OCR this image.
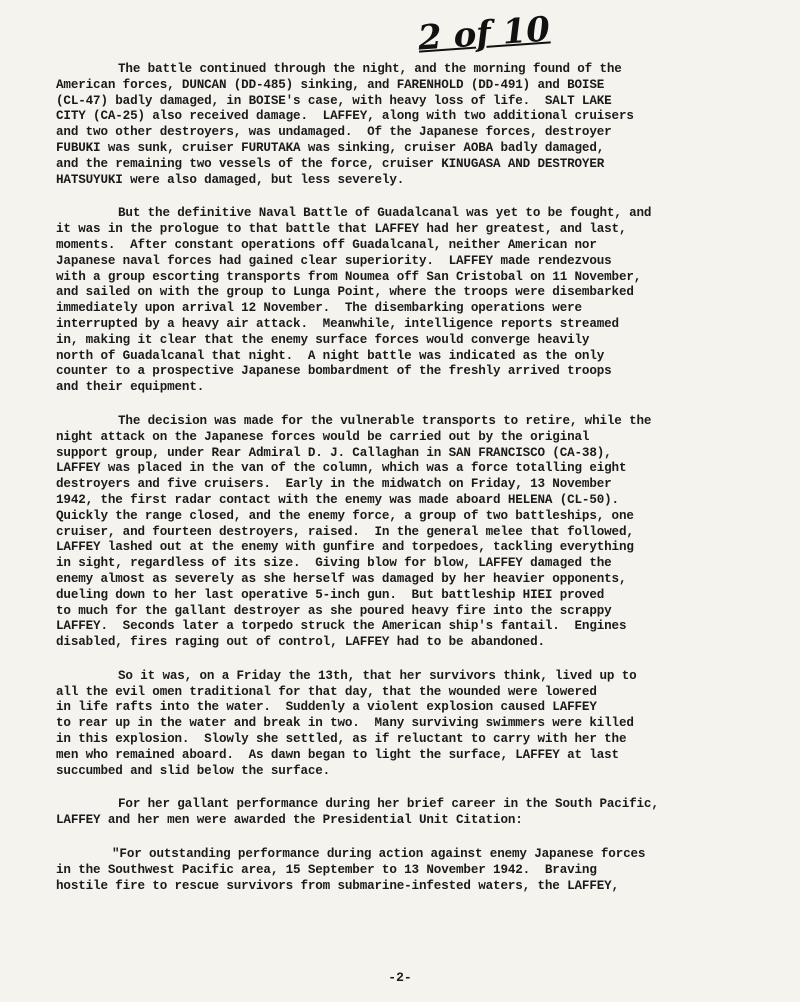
2 of 10
The battle continued through the night, and the morning found of the
American forces, DUNCAN (DD-485) sinking, and FARENHOLD (DD-491) and BOISE
(CL-47) badly damaged, in BOISE's case, with heavy loss of life.  SALT LAKE
CITY (CA-25) also received damage.  LAFFEY, along with two additional cruisers
and two other destroyers, was undamaged.  Of the Japanese forces, destroyer
FUBUKI was sunk, cruiser FURUTAKA was sinking, cruiser AOBA badly damaged,
and the remaining two vessels of the force, cruiser KINUGASA AND DESTROYER
HATSUYUKI were also damaged, but less severely.
But the definitive Naval Battle of Guadalcanal was yet to be fought, and
it was in the prologue to that battle that LAFFEY had her greatest, and last,
moments.  After constant operations off Guadalcanal, neither American nor
Japanese naval forces had gained clear superiority.  LAFFEY made rendezvous
with a group escorting transports from Noumea off San Cristobal on 11 November,
and sailed on with the group to Lunga Point, where the troops were disembarked
immediately upon arrival 12 November.  The disembarking operations were
interrupted by a heavy air attack.  Meanwhile, intelligence reports streamed
in, making it clear that the enemy surface forces would converge heavily
north of Guadalcanal that night.  A night battle was indicated as the only
counter to a prospective Japanese bombardment of the freshly arrived troops
and their equipment.
The decision was made for the vulnerable transports to retire, while the
night attack on the Japanese forces would be carried out by the original
support group, under Rear Admiral D. J. Callaghan in SAN FRANCISCO (CA-38),
LAFFEY was placed in the van of the column, which was a force totalling eight
destroyers and five cruisers.  Early in the midwatch on Friday, 13 November
1942, the first radar contact with the enemy was made aboard HELENA (CL-50).
Quickly the range closed, and the enemy force, a group of two battleships, one
cruiser, and fourteen destroyers, raised.  In the general melee that followed,
LAFFEY lashed out at the enemy with gunfire and torpedoes, tackling everything
in sight, regardless of its size.  Giving blow for blow, LAFFEY damaged the
enemy almost as severely as she herself was damaged by her heavier opponents,
dueling down to her last operative 5-inch gun.  But battleship HIEI proved
to much for the gallant destroyer as she poured heavy fire into the scrappy
LAFFEY.  Seconds later a torpedo struck the American ship's fantail.  Engines
disabled, fires raging out of control, LAFFEY had to be abandoned.
So it was, on a Friday the 13th, that her survivors think, lived up to
all the evil omen traditional for that day, that the wounded were lowered
in life rafts into the water.  Suddenly a violent explosion caused LAFFEY
to rear up in the water and break in two.  Many surviving swimmers were killed
in this explosion.  Slowly she settled, as if reluctant to carry with her the
men who remained aboard.  As dawn began to light the surface, LAFFEY at last
succumbed and slid below the surface.
For her gallant performance during her brief career in the South Pacific,
LAFFEY and her men were awarded the Presidential Unit Citation:
"For outstanding performance during action against enemy Japanese forces
in the Southwest Pacific area, 15 September to 13 November 1942.  Braving
hostile fire to rescue survivors from submarine-infested waters, the LAFFEY,
-2-
